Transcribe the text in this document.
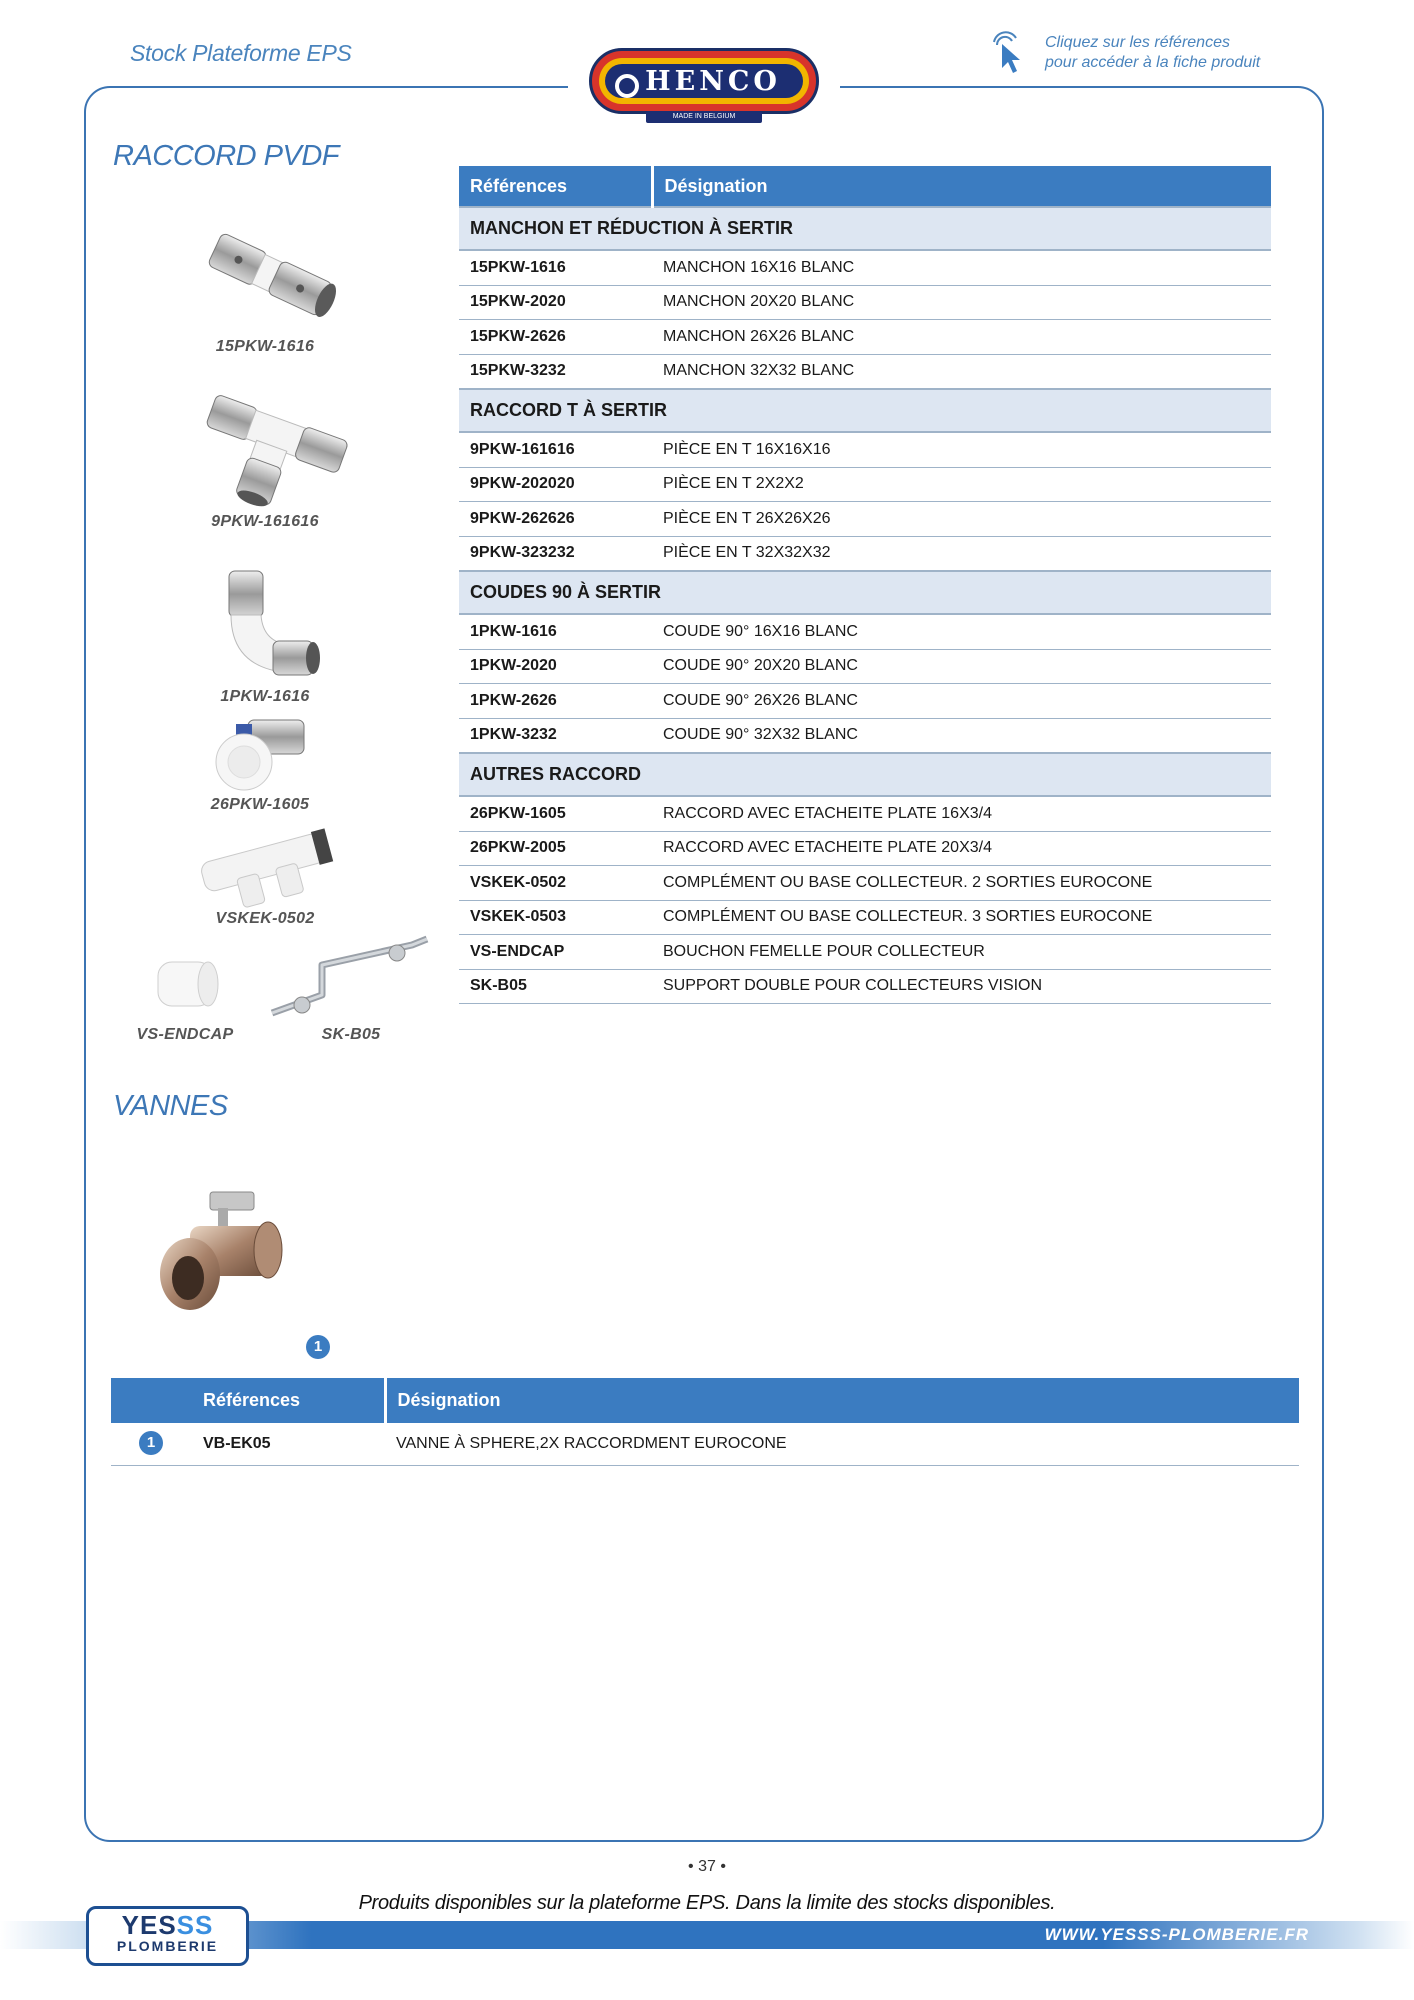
Stock Plateforme EPS
HENCO
MADE IN BELGIUM
Cliquez sur les références
pour accéder à la fiche produit
RACCORD PVDF
15PKW-1616
9PKW-161616
1PKW-1616
26PKW-1605
VSKEK-0502
VS-ENDCAP	SK-B05
Références	Désignation
MANCHON ET RÉDUCTION À SERTIR	
15PKW-1616	MANCHON 16X16 BLANC
15PKW-2020	MANCHON 20X20 BLANC
15PKW-2626	MANCHON 26X26 BLANC
15PKW-3232	MANCHON 32X32 BLANC
RACCORD T À SERTIR	
9PKW-161616	PIÈCE EN T 16X16X16
9PKW-202020	PIÈCE EN T 2X2X2
9PKW-262626	PIÈCE EN T 26X26X26
9PKW-323232	PIÈCE EN T 32X32X32
COUDES 90 À SERTIR	
1PKW-1616	COUDE 90° 16X16 BLANC
1PKW-2020	COUDE 90° 20X20 BLANC
1PKW-2626	COUDE 90° 26X26 BLANC
1PKW-3232	COUDE 90° 32X32 BLANC
AUTRES RACCORD	
26PKW-1605	RACCORD AVEC ETACHEITE PLATE 16X3/4
26PKW-2005	RACCORD AVEC ETACHEITE PLATE 20X3/4
VSKEK-0502	COMPLÉMENT OU BASE COLLECTEUR. 2 SORTIES EUROCONE
VSKEK-0503	COMPLÉMENT OU BASE COLLECTEUR. 3 SORTIES EUROCONE
VS-ENDCAP	BOUCHON FEMELLE POUR COLLECTEUR
SK-B05	SUPPORT DOUBLE POUR COLLECTEURS VISION
VANNES
1
Références	Désignation

1 VB-EK05	VANNE À SPHERE,2X RACCORDMENT EUROCONE
• 37 •
Produits disponibles sur la plateforme EPS. Dans la limite des stocks disponibles.
WWW.YESSS-PLOMBERIE.FR
YESSS
PLOMBERIE
